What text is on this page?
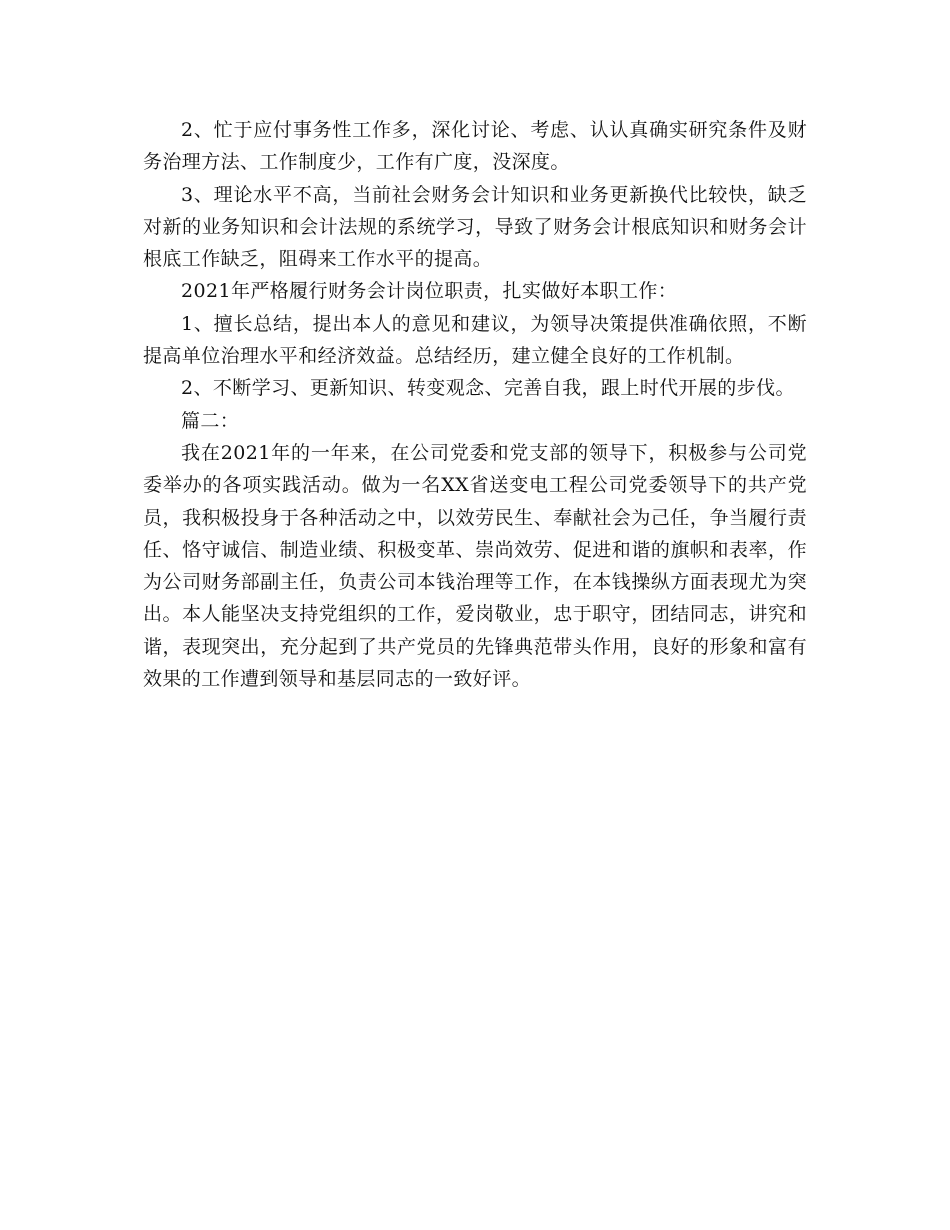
2、忙于应付事务性工作多，深化讨论、考虑、认认真确实研究条件及财务治理方法、工作制度少，工作有广度，没深度。

3、理论水平不高，当前社会财务会计知识和业务更新换代比较快，缺乏对新的业务知识和会计法规的系统学习，导致了财务会计根底知识和财务会计根底工作缺乏，阻碍来工作水平的提高。

2021年严格履行财务会计岗位职责，扎实做好本职工作：

1、擅长总结，提出本人的意见和建议，为领导决策提供准确依照，不断提高单位治理水平和经济效益。总结经历，建立健全良好的工作机制。

2、不断学习、更新知识、转变观念、完善自我，跟上时代开展的步伐。

篇二：

我在2021年的一年来，在公司党委和党支部的领导下，积极参与公司党委举办的各项实践活动。做为一名XX省送变电工程公司党委领导下的共产党员，我积极投身于各种活动之中，以效劳民生、奉献社会为己任，争当履行责任、恪守诚信、制造业绩、积极变革、崇尚效劳、促进和谐的旗帜和表率，作为公司财务部副主任，负责公司本钱治理等工作，在本钱操纵方面表现尤为突出。本人能坚决支持党组织的工作，爱岗敬业，忠于职守，团结同志，讲究和谐，表现突出，充分起到了共产党员的先锋典范带头作用，良好的形象和富有效果的工作遭到领导和基层同志的一致好评。
